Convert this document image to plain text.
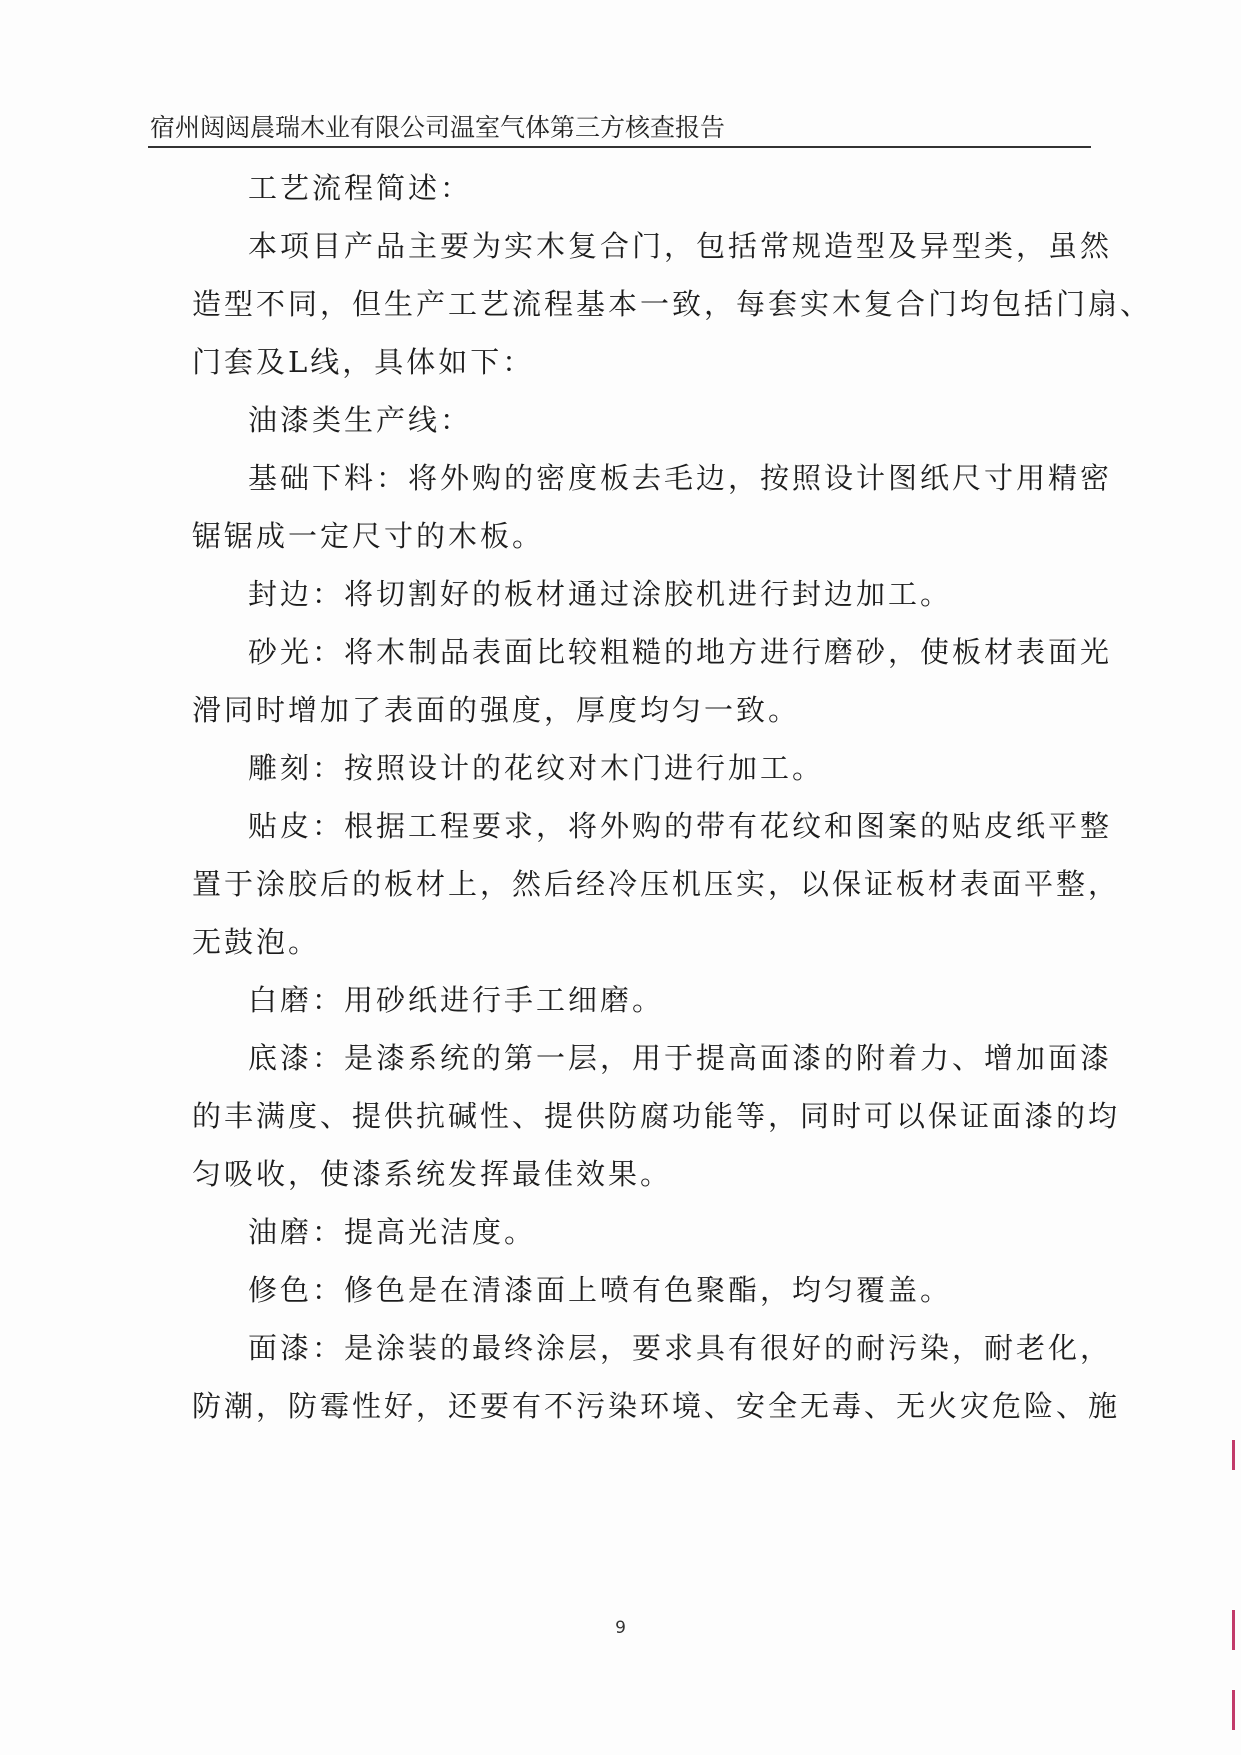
宿州闼闼晨瑞木业有限公司温室气体第三方核查报告
工艺流程简述：
本项目产品主要为实木复合门，包括常规造型及异型类，虽然
造型不同，但生产工艺流程基本一致，每套实木复合门均包括门扇、
门套及L线，具体如下：
油漆类生产线：
基础下料：将外购的密度板去毛边，按照设计图纸尺寸用精密
锯锯成一定尺寸的木板。
封边：将切割好的板材通过涂胶机进行封边加工。
砂光：将木制品表面比较粗糙的地方进行磨砂，使板材表面光
滑同时增加了表面的强度，厚度均匀一致。
雕刻：按照设计的花纹对木门进行加工。
贴皮：根据工程要求，将外购的带有花纹和图案的贴皮纸平整
置于涂胶后的板材上，然后经冷压机压实，以保证板材表面平整，
无鼓泡。
白磨：用砂纸进行手工细磨。
底漆：是漆系统的第一层，用于提高面漆的附着力、增加面漆
的丰满度、提供抗碱性、提供防腐功能等，同时可以保证面漆的均
匀吸收，使漆系统发挥最佳效果。
油磨：提高光洁度。
修色：修色是在清漆面上喷有色聚酯，均匀覆盖。
面漆：是涂装的最终涂层，要求具有很好的耐污染，耐老化，
防潮，防霉性好，还要有不污染环境、安全无毒、无火灾危险、施
9
